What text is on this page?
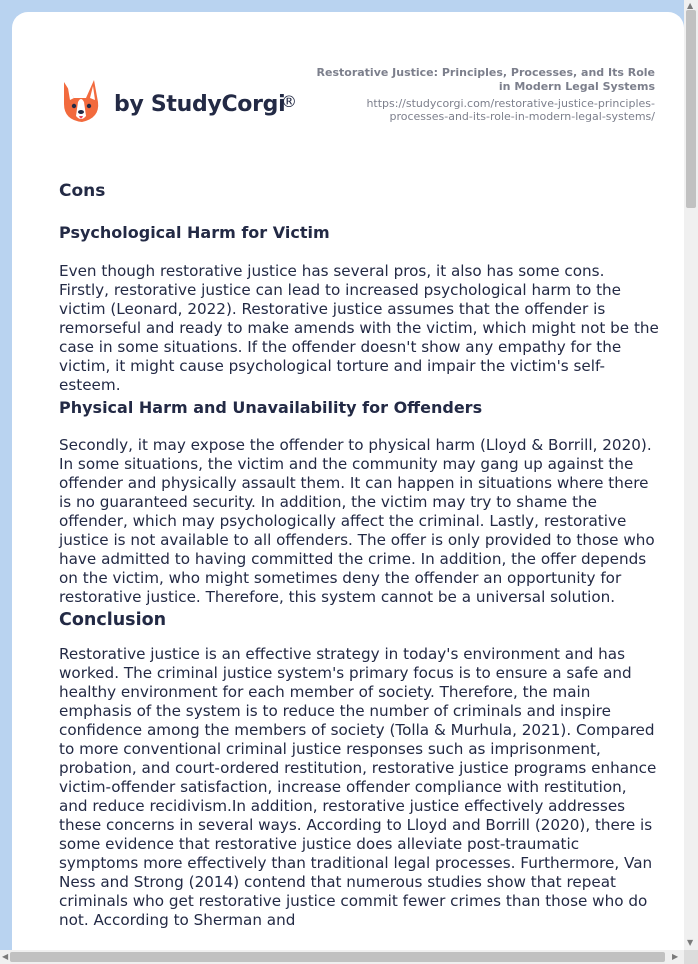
by StudyCorgi
®
Restorative Justice: Principles, Processes, and Its Role in Modern Legal Systems
https://studycorgi.com/restorative-justice-principles-processes-and-its-role-in-modern-legal-systems/
Cons
Psychological Harm for Victim

Even though restorative justice has several pros, it also has some cons. Firstly, restorative justice can lead to increased psychological harm to the victim (Leonard, 2022). Restorative justice assumes that the offender is remorseful and ready to make amends with the victim, which might not be the case in some situations. If the offender doesn't show any empathy for the victim, it might cause psychological torture and impair the victim's self-esteem.

Physical Harm and Unavailability for Offenders

Secondly, it may expose the offender to physical harm (Lloyd & Borrill, 2020). In some situations, the victim and the community may gang up against the offender and physically assault them. It can happen in situations where there is no guaranteed security. In addition, the victim may try to shame the offender, which may psychologically affect the criminal. Lastly, restorative justice is not available to all offenders. The offer is only provided to those who have admitted to having committed the crime. In addition, the offer depends on the victim, who might sometimes deny the offender an opportunity for restorative justice. Therefore, this system cannot be a universal solution.

Conclusion

Restorative justice is an effective strategy in today's environment and has worked. The criminal justice system's primary focus is to ensure a safe and healthy environment for each member of society. Therefore, the main emphasis of the system is to reduce the number of criminals and inspire confidence among the members of society (Tolla & Murhula, 2021). Compared to more conventional criminal justice responses such as imprisonment, probation, and court-ordered restitution, restorative justice programs enhance victim-offender satisfaction, increase offender compliance with restitution, and reduce recidivism.In addition, restorative justice effectively addresses these concerns in several ways. According to Lloyd and Borrill (2020), there is some evidence that restorative justice does alleviate post-traumatic symptoms more effectively than traditional legal processes. Furthermore, Van Ness and Strong (2014) contend that numerous studies show that repeat criminals who get restorative justice commit fewer crimes than those who do not. According to Sherman and

▲
▼
◀	▶
